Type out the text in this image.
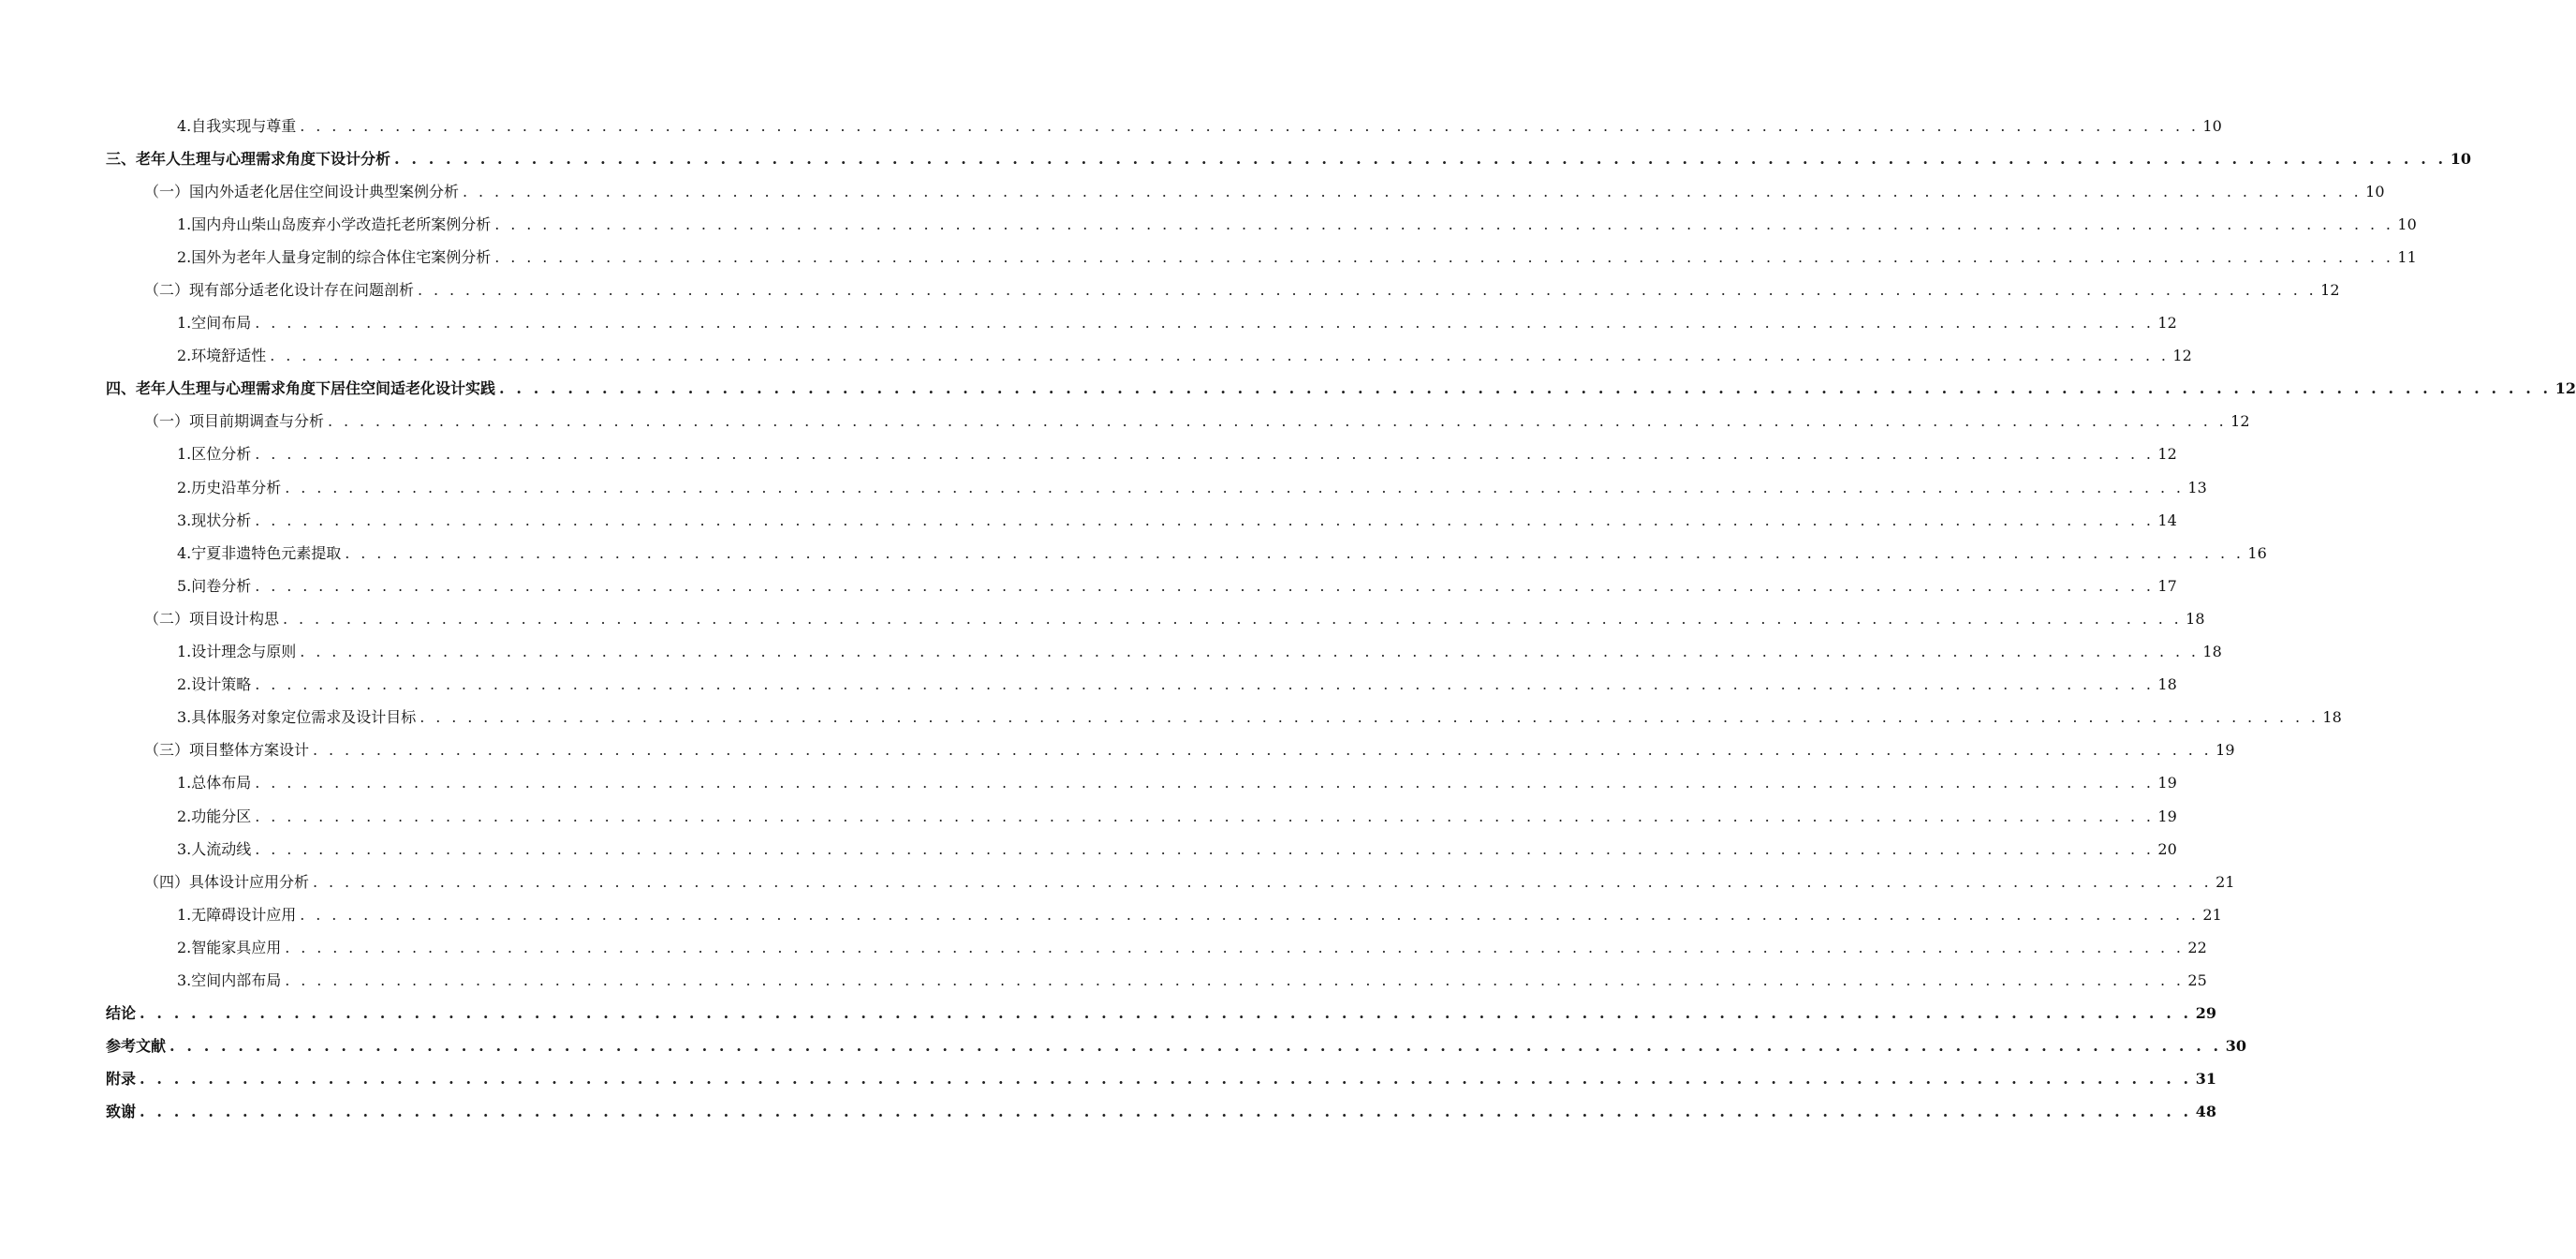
4.自我实现与尊重 . . . . . . . . . . . . . . . . . . . . . . . . . . . . . . . . . . . . . . . . . . . . . . . . . . . . . . . . . . . . . . . . . . . . . . . . . . . . . . . . . . . . . . . . . . . . . . . . . . . . . . . . . . . . . . . . . . . . . . . . 10
三、老年人生理与心理需求角度下设计分析 . . . . . . . . . . . . . . . . . . . . . . . . . . . . . . . . . . . . . . . . . . . . . . . . . . . . . . . . . . . . . . . . . . . . . . . . . . . . . . . . . . . . . . . . . . . . . . . . . . . . . . . . . . . . . . . . . . . . . . . . 10
（一）国内外适老化居住空间设计典型案例分析 . . . . . . . . . . . . . . . . . . . . . . . . . . . . . . . . . . . . . . . . . . . . . . . . . . . . . . . . . . . . . . . . . . . . . . . . . . . . . . . . . . . . . . . . . . . . . . . . . . . . . . . . . . . . . . . . . . . . . . . . 10
1.国内舟山柴山岛废弃小学改造托老所案例分析 . . . . . . . . . . . . . . . . . . . . . . . . . . . . . . . . . . . . . . . . . . . . . . . . . . . . . . . . . . . . . . . . . . . . . . . . . . . . . . . . . . . . . . . . . . . . . . . . . . . . . . . . . . . . . . . . . . . . . . . . 10
2.国外为老年人量身定制的综合体住宅案例分析 . . . . . . . . . . . . . . . . . . . . . . . . . . . . . . . . . . . . . . . . . . . . . . . . . . . . . . . . . . . . . . . . . . . . . . . . . . . . . . . . . . . . . . . . . . . . . . . . . . . . . . . . . . . . . . . . . . . . . . . . 11
（二）现有部分适老化设计存在问题剖析 . . . . . . . . . . . . . . . . . . . . . . . . . . . . . . . . . . . . . . . . . . . . . . . . . . . . . . . . . . . . . . . . . . . . . . . . . . . . . . . . . . . . . . . . . . . . . . . . . . . . . . . . . . . . . . . . . . . . . . . . 12
1.空间布局 . . . . . . . . . . . . . . . . . . . . . . . . . . . . . . . . . . . . . . . . . . . . . . . . . . . . . . . . . . . . . . . . . . . . . . . . . . . . . . . . . . . . . . . . . . . . . . . . . . . . . . . . . . . . . . . . . . . . . . . . 12
2.环境舒适性 . . . . . . . . . . . . . . . . . . . . . . . . . . . . . . . . . . . . . . . . . . . . . . . . . . . . . . . . . . . . . . . . . . . . . . . . . . . . . . . . . . . . . . . . . . . . . . . . . . . . . . . . . . . . . . . . . . . . . . . . 12
四、老年人生理与心理需求角度下居住空间适老化设计实践 . . . . . . . . . . . . . . . . . . . . . . . . . . . . . . . . . . . . . . . . . . . . . . . . . . . . . . . . . . . . . . . . . . . . . . . . . . . . . . . . . . . . . . . . . . . . . . . . . . . . . . . . . . . . . . . . . . . . . . . . 12
（一）项目前期调查与分析 . . . . . . . . . . . . . . . . . . . . . . . . . . . . . . . . . . . . . . . . . . . . . . . . . . . . . . . . . . . . . . . . . . . . . . . . . . . . . . . . . . . . . . . . . . . . . . . . . . . . . . . . . . . . . . . . . . . . . . . . 12
1.区位分析 . . . . . . . . . . . . . . . . . . . . . . . . . . . . . . . . . . . . . . . . . . . . . . . . . . . . . . . . . . . . . . . . . . . . . . . . . . . . . . . . . . . . . . . . . . . . . . . . . . . . . . . . . . . . . . . . . . . . . . . . 12
2.历史沿革分析 . . . . . . . . . . . . . . . . . . . . . . . . . . . . . . . . . . . . . . . . . . . . . . . . . . . . . . . . . . . . . . . . . . . . . . . . . . . . . . . . . . . . . . . . . . . . . . . . . . . . . . . . . . . . . . . . . . . . . . . . 13
3.现状分析 . . . . . . . . . . . . . . . . . . . . . . . . . . . . . . . . . . . . . . . . . . . . . . . . . . . . . . . . . . . . . . . . . . . . . . . . . . . . . . . . . . . . . . . . . . . . . . . . . . . . . . . . . . . . . . . . . . . . . . . . 14
4.宁夏非遗特色元素提取 . . . . . . . . . . . . . . . . . . . . . . . . . . . . . . . . . . . . . . . . . . . . . . . . . . . . . . . . . . . . . . . . . . . . . . . . . . . . . . . . . . . . . . . . . . . . . . . . . . . . . . . . . . . . . . . . . . . . . . . . 16
5.问卷分析 . . . . . . . . . . . . . . . . . . . . . . . . . . . . . . . . . . . . . . . . . . . . . . . . . . . . . . . . . . . . . . . . . . . . . . . . . . . . . . . . . . . . . . . . . . . . . . . . . . . . . . . . . . . . . . . . . . . . . . . . 17
（二）项目设计构思 . . . . . . . . . . . . . . . . . . . . . . . . . . . . . . . . . . . . . . . . . . . . . . . . . . . . . . . . . . . . . . . . . . . . . . . . . . . . . . . . . . . . . . . . . . . . . . . . . . . . . . . . . . . . . . . . . . . . . . . . 18
1.设计理念与原则 . . . . . . . . . . . . . . . . . . . . . . . . . . . . . . . . . . . . . . . . . . . . . . . . . . . . . . . . . . . . . . . . . . . . . . . . . . . . . . . . . . . . . . . . . . . . . . . . . . . . . . . . . . . . . . . . . . . . . . . . 18
2.设计策略 . . . . . . . . . . . . . . . . . . . . . . . . . . . . . . . . . . . . . . . . . . . . . . . . . . . . . . . . . . . . . . . . . . . . . . . . . . . . . . . . . . . . . . . . . . . . . . . . . . . . . . . . . . . . . . . . . . . . . . . . 18
3.具体服务对象定位需求及设计目标 . . . . . . . . . . . . . . . . . . . . . . . . . . . . . . . . . . . . . . . . . . . . . . . . . . . . . . . . . . . . . . . . . . . . . . . . . . . . . . . . . . . . . . . . . . . . . . . . . . . . . . . . . . . . . . . . . . . . . . . . 18
（三）项目整体方案设计 . . . . . . . . . . . . . . . . . . . . . . . . . . . . . . . . . . . . . . . . . . . . . . . . . . . . . . . . . . . . . . . . . . . . . . . . . . . . . . . . . . . . . . . . . . . . . . . . . . . . . . . . . . . . . . . . . . . . . . . . 19
1.总体布局 . . . . . . . . . . . . . . . . . . . . . . . . . . . . . . . . . . . . . . . . . . . . . . . . . . . . . . . . . . . . . . . . . . . . . . . . . . . . . . . . . . . . . . . . . . . . . . . . . . . . . . . . . . . . . . . . . . . . . . . . 19
2.功能分区 . . . . . . . . . . . . . . . . . . . . . . . . . . . . . . . . . . . . . . . . . . . . . . . . . . . . . . . . . . . . . . . . . . . . . . . . . . . . . . . . . . . . . . . . . . . . . . . . . . . . . . . . . . . . . . . . . . . . . . . . 19
3.人流动线 . . . . . . . . . . . . . . . . . . . . . . . . . . . . . . . . . . . . . . . . . . . . . . . . . . . . . . . . . . . . . . . . . . . . . . . . . . . . . . . . . . . . . . . . . . . . . . . . . . . . . . . . . . . . . . . . . . . . . . . . 20
（四）具体设计应用分析 . . . . . . . . . . . . . . . . . . . . . . . . . . . . . . . . . . . . . . . . . . . . . . . . . . . . . . . . . . . . . . . . . . . . . . . . . . . . . . . . . . . . . . . . . . . . . . . . . . . . . . . . . . . . . . . . . . . . . . . . 21
1.无障碍设计应用 . . . . . . . . . . . . . . . . . . . . . . . . . . . . . . . . . . . . . . . . . . . . . . . . . . . . . . . . . . . . . . . . . . . . . . . . . . . . . . . . . . . . . . . . . . . . . . . . . . . . . . . . . . . . . . . . . . . . . . . . 21
2.智能家具应用 . . . . . . . . . . . . . . . . . . . . . . . . . . . . . . . . . . . . . . . . . . . . . . . . . . . . . . . . . . . . . . . . . . . . . . . . . . . . . . . . . . . . . . . . . . . . . . . . . . . . . . . . . . . . . . . . . . . . . . . . 22
3.空间内部布局 . . . . . . . . . . . . . . . . . . . . . . . . . . . . . . . . . . . . . . . . . . . . . . . . . . . . . . . . . . . . . . . . . . . . . . . . . . . . . . . . . . . . . . . . . . . . . . . . . . . . . . . . . . . . . . . . . . . . . . . . 25
结论 . . . . . . . . . . . . . . . . . . . . . . . . . . . . . . . . . . . . . . . . . . . . . . . . . . . . . . . . . . . . . . . . . . . . . . . . . . . . . . . . . . . . . . . . . . . . . . . . . . . . . . . . . . . . . . . . . . . . . . . . 29
参考文献 . . . . . . . . . . . . . . . . . . . . . . . . . . . . . . . . . . . . . . . . . . . . . . . . . . . . . . . . . . . . . . . . . . . . . . . . . . . . . . . . . . . . . . . . . . . . . . . . . . . . . . . . . . . . . . . . . . . . . . . . 30
附录 . . . . . . . . . . . . . . . . . . . . . . . . . . . . . . . . . . . . . . . . . . . . . . . . . . . . . . . . . . . . . . . . . . . . . . . . . . . . . . . . . . . . . . . . . . . . . . . . . . . . . . . . . . . . . . . . . . . . . . . . 31
致谢 . . . . . . . . . . . . . . . . . . . . . . . . . . . . . . . . . . . . . . . . . . . . . . . . . . . . . . . . . . . . . . . . . . . . . . . . . . . . . . . . . . . . . . . . . . . . . . . . . . . . . . . . . . . . . . . . . . . . . . . . 48
